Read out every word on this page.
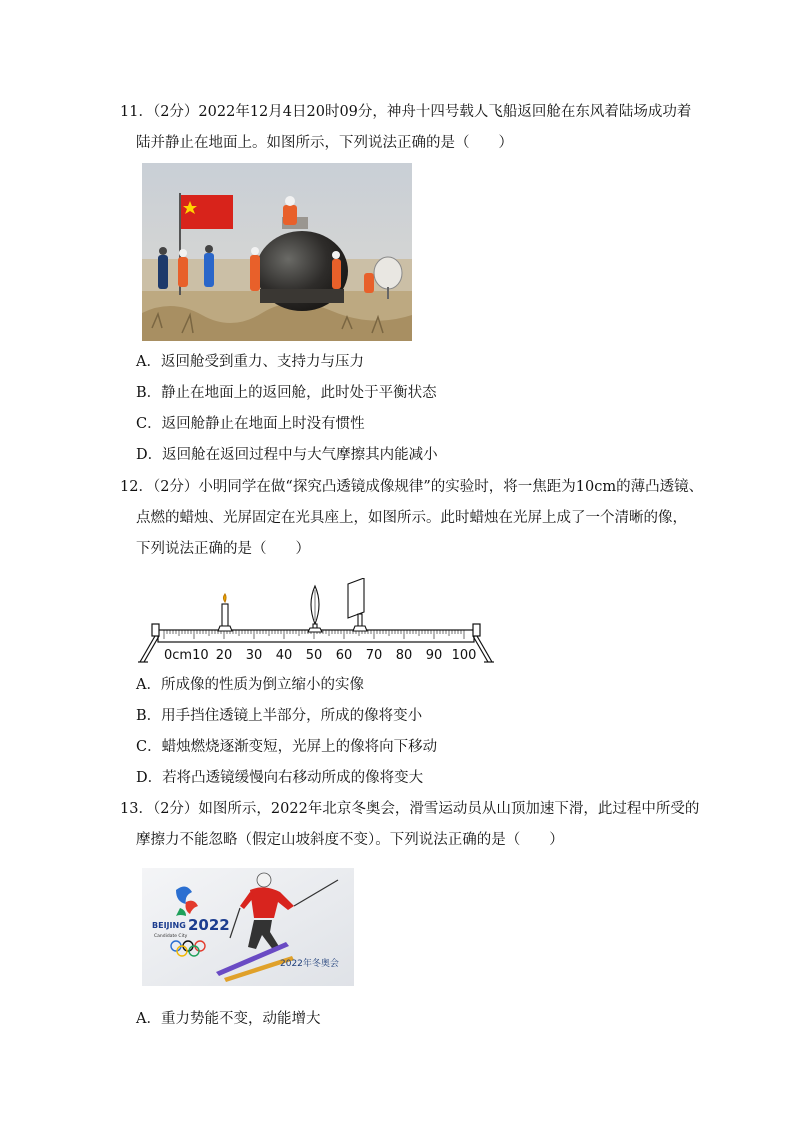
11．（2分）2022年12月4日20时09分，神舟十四号载人飞船返回舱在东风着陆场成功着
陆并静止在地面上。如图所示，下列说法正确的是（　　）
A．返回舱受到重力、支持力与压力
B．静止在地面上的返回舱，此时处于平衡状态
C．返回舱静止在地面上时没有惯性
D．返回舱在返回过程中与大气摩擦其内能减小
12．（2分）小明同学在做“探究凸透镜成像规律”的实验时，将一焦距为10cm的薄凸透镜、
点燃的蜡烛、光屏固定在光具座上，如图所示。此时蜡烛在光屏上成了一个清晰的像，
下列说法正确的是（　　）
0cm10 20 30 40 50 60 70 80 90 100
A．所成像的性质为倒立缩小的实像
B．用手挡住透镜上半部分，所成的像将变小
C．蜡烛燃烧逐渐变短，光屏上的像将向下移动
D．若将凸透镜缓慢向右移动所成的像将变大
13．（2分）如图所示，2022年北京冬奥会，滑雪运动员从山顶加速下滑，此过程中所受的
摩擦力不能忽略（假定山坡斜度不变）。下列说法正确的是（　　）
BEIJING 2022
Candidate City
2022年冬奥会
A．重力势能不变，动能增大
